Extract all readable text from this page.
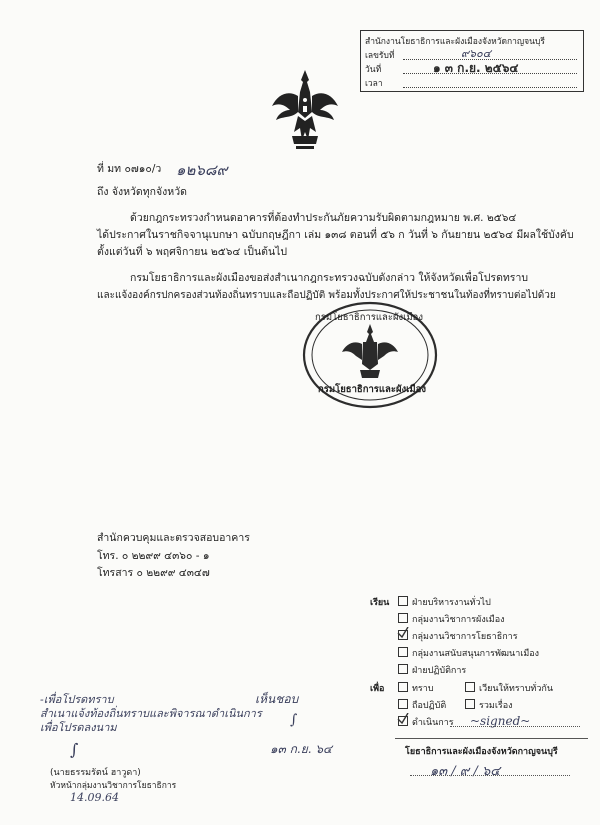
สำนักงานโยธาธิการและผังเมืองจังหวัดกาญจนบุรี
เลขรับที่	๙๖๐๔
วันที่	๑ ๓ ก.ย. ๒๕๖๔
เวลา
ที่ มท ๐๗๑๐/ว ๑๒๖๘๙
ถึง จังหวัดทุกจังหวัด
ด้วยกฎกระทรวงกำหนดอาคารที่ต้องทำประกันภัยความรับผิดตามกฎหมาย พ.ศ. ๒๕๖๔
ได้ประกาศในราชกิจจานุเบกษา ฉบับกฤษฎีกา เล่ม ๑๓๘ ตอนที่ ๕๖ ก วันที่ ๖ กันยายน ๒๕๖๔ มีผลใช้บังคับ
ตั้งแต่วันที่ ๖ พฤศจิกายน ๒๕๖๔ เป็นต้นไป
กรมโยธาธิการและผังเมืองขอส่งสำเนากฎกระทรวงฉบับดังกล่าว ให้จังหวัดเพื่อโปรดทราบ
และแจ้งองค์กรปกครองส่วนท้องถิ่นทราบและถือปฏิบัติ พร้อมทั้งประกาศให้ประชาชนในท้องที่ทราบต่อไปด้วย
กรมโยธาธิการและผังเมือง
กรมโยธาธิการและผังเมือง
สำนักควบคุมและตรวจสอบอาคาร
โทร. ๐ ๒๒๙๙ ๔๓๖๐ - ๑
โทรสาร ๐ ๒๒๙๙ ๔๓๔๗
เรียน	ฝ่ายบริหารงานทั่วไป
กลุ่มงานวิชาการผังเมือง
กลุ่มงานวิชาการโยธาธิการ
กลุ่มงานสนับสนุนการพัฒนาเมือง
ฝ่ายปฏิบัติการ
เพื่อ	ทราบ	เวียนให้ทราบทั่วกัน
ถือปฏิบัติ	รวมเรื่อง
ดำเนินการ ~signed~
โยธาธิการและผังเมืองจังหวัดกาญจนบุรี
๑๓ / ๙ / ๖๔
-เพื่อโปรดทราบ
สำเนาแจ้งท้องถิ่นทราบและพิจารณาดำเนินการ
เพื่อโปรดลงนาม
∫
(นายธรรมรัตน์ ฮาวูดา)
หัวหน้ากลุ่มงานวิชาการโยธาธิการ
14.09.64
เห็นชอบ
∫
๑๓ ก.ย. ๖๔
